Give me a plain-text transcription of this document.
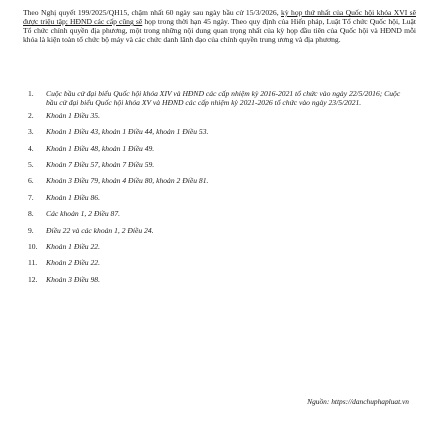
Theo Nghị quyết 199/2025/QH15, chậm nhất 60 ngày sau ngày bầu cử 15/3/2026, kỳ họp thứ nhất của Quốc hội khóa XVI sẽ được triệu tập; HĐND các cấp cũng sẽ họp trong thời hạn 45 ngày. Theo quy định của Hiến pháp, Luật Tổ chức Quốc hội, Luật Tổ chức chính quyền địa phương, một trong những nội dung quan trọng nhất của kỳ họp đầu tiên của Quốc hội và HĐND mỗi khóa là kiện toàn tổ chức bộ máy và các chức danh lãnh đạo của chính quyền trung ương và địa phương.

1.	Cuộc bầu cử đại biểu Quốc hội khóa XIV và HĐND các cấp nhiệm kỳ 2016-2021 tổ chức vào ngày 22/5/2016; Cuộc bầu cử đại biểu Quốc hội khóa XV và HĐND các cấp nhiệm kỳ 2021-2026 tổ chức vào ngày 23/5/2021.
2.	Khoản 1 Điều 35.
3.	Khoản 1 Điều 43, khoản 1 Điều 44, khoản 1 Điều 53.
4.	Khoản 1 Điều 48, khoản 1 Điều 49.
5.	Khoản 7 Điều 57, khoản 7 Điều 59.
6.	Khoản 3 Điều 79, khoản 4 Điều 80, khoản 2 Điều 81.
7.	Khoản 1 Điều 86.
8.	Các khoản 1, 2 Điều 87.
9.	Điều 22 và các khoản 1, 2 Điều 24.
10.	Khoản 1 Điều 22.
11.	Khoản 2 Điều 22.
12.	Khoản 3 Điều 98.
Nguồn: https://danchuphapluat.vn
